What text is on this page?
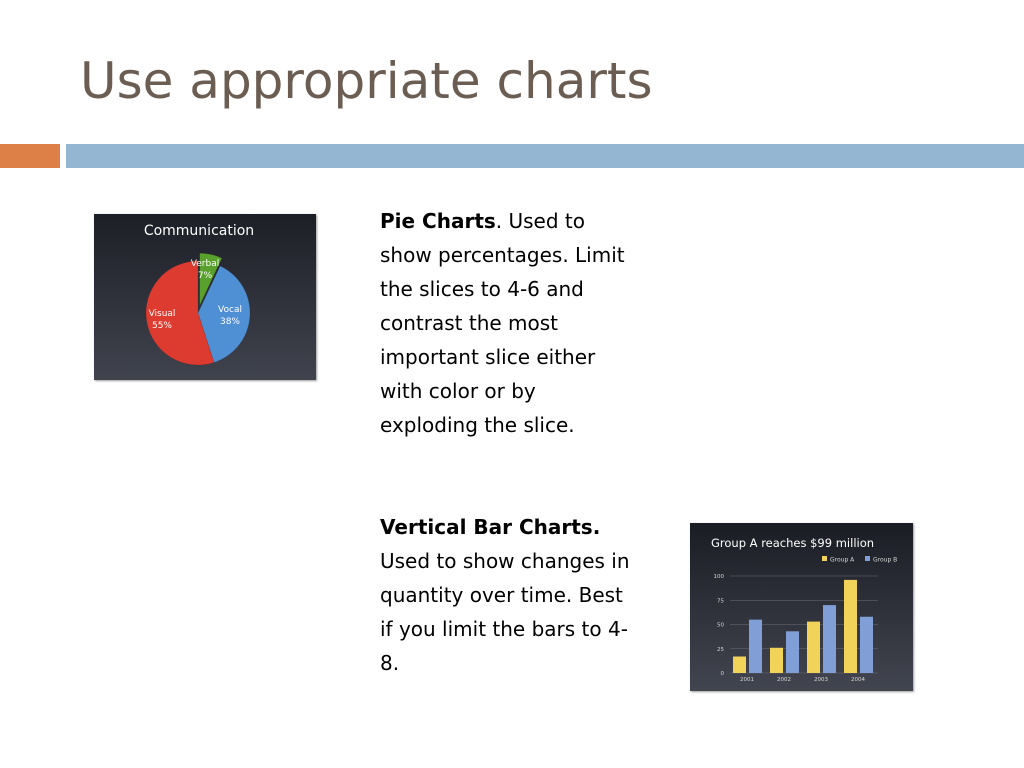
Use appropriate charts
Communication
Verbal
7%
Vocal
38%
Visual
55%
Group A reaches $99 million
Group A	Group B
0
25
50
75
100
2001	2002	2003	2004

Pie Charts. Used to show percentages. Limit the slices to 4-6 and contrast the most important slice either with color or by exploding the slice.

Vertical Bar Charts. Used to show changes in quantity over time. Best if you limit the bars to 4-8.
